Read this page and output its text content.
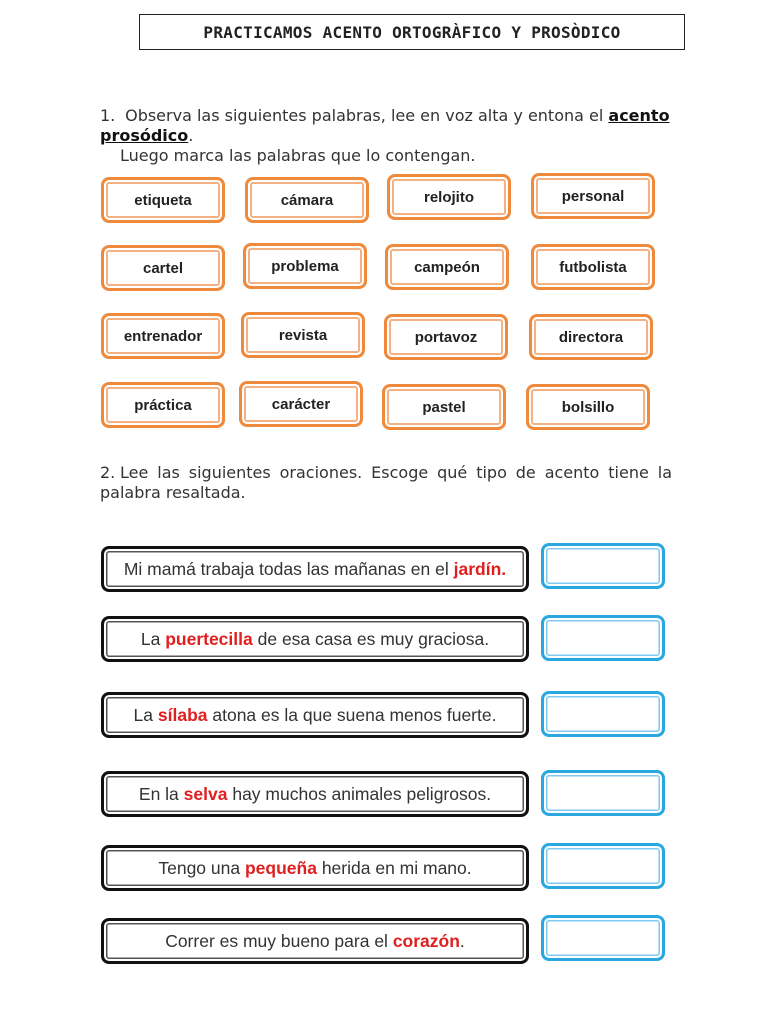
PRACTICAMOS ACENTO ORTOGRÀFICO Y PROSÒDICO
1. Observa las siguientes palabras, lee en voz alta y entona el acento prosódico.
Luego marca las palabras que lo contengan.
etiqueta	cámara	relojito	personal
cartel	problema	campeón	futbolista
entrenador	revista	portavoz	directora
práctica	carácter	pastel	bolsillo
2. Lee las siguientes oraciones. Escoge qué tipo de acento tiene la palabra resaltada.
Mi mamá trabaja todas las mañanas en el
jardín.
La
puertecilla
de esa casa es muy graciosa.
La
sílaba
atona es la que suena menos fuerte.
En la
selva
hay muchos animales peligrosos.
Tengo una
pequeña
herida en mi mano.
Correr es muy bueno para el
corazón .
